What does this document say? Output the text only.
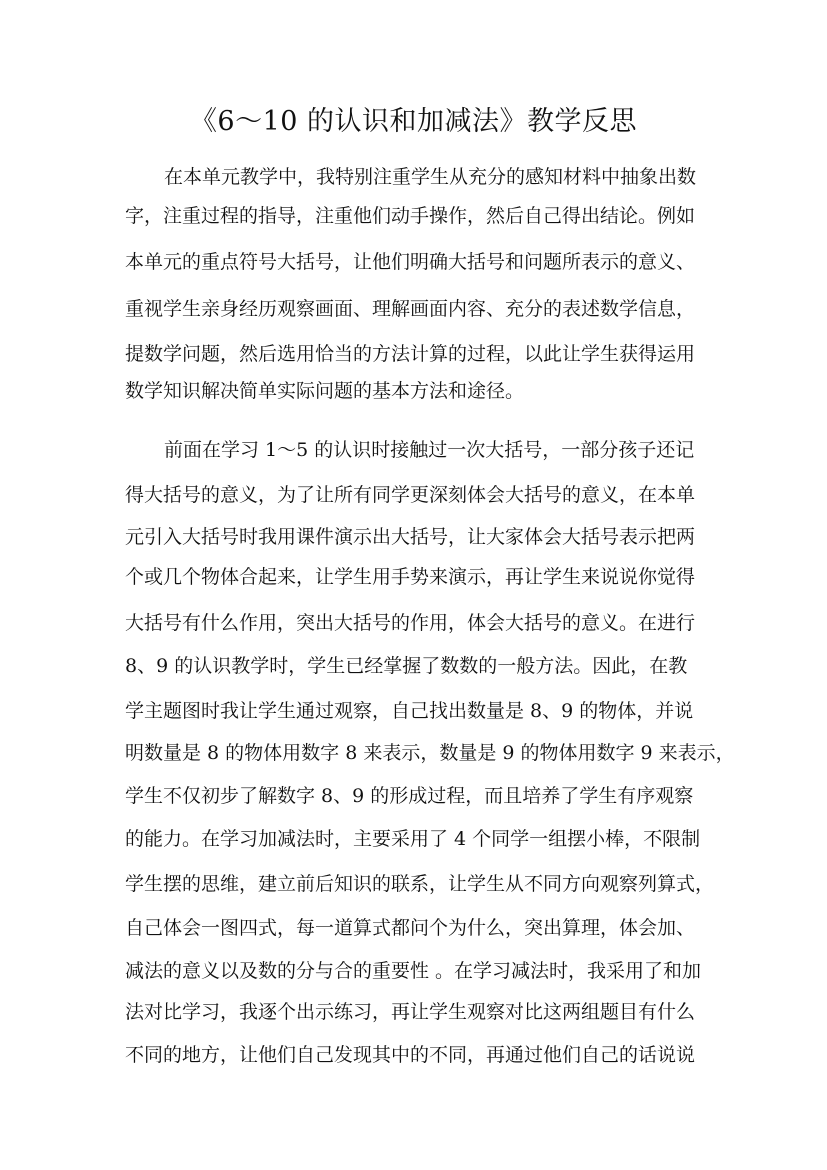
《6～10 的认识和加减法》教学反思
在本单元教学中，我特别注重学生从充分的感知材料中抽象出数
字，注重过程的指导，注重他们动手操作，然后自己得出结论。例如
本单元的重点符号大括号，让他们明确大括号和问题所表示的意义、
重视学生亲身经历观察画面、理解画面内容、充分的表述数学信息，
提数学问题，然后选用恰当的方法计算的过程，以此让学生获得运用
数学知识解决简单实际问题的基本方法和途径。
前面在学习 1～5 的认识时接触过一次大括号，一部分孩子还记
得大括号的意义，为了让所有同学更深刻体会大括号的意义，在本单
元引入大括号时我用课件演示出大括号，让大家体会大括号表示把两
个或几个物体合起来，让学生用手势来演示，再让学生来说说你觉得
大括号有什么作用，突出大括号的作用，体会大括号的意义。在进行
8、9 的认识教学时，学生已经掌握了数数的一般方法。因此，在教
学主题图时我让学生通过观察，自己找出数量是 8、9 的物体，并说
明数量是 8 的物体用数字 8 来表示，数量是 9 的物体用数字 9 来表示，
学生不仅初步了解数字 8、9 的形成过程，而且培养了学生有序观察
的能力。在学习加减法时，主要采用了 4 个同学一组摆小棒，不限制
学生摆的思维，建立前后知识的联系，让学生从不同方向观察列算式，
自己体会一图四式，每一道算式都问个为什么，突出算理，体会加、
减法的意义以及数的分与合的重要性 。在学习减法时，我采用了和加
法对比学习，我逐个出示练习，再让学生观察对比这两组题目有什么
不同的地方，让他们自己发现其中的不同，再通过他们自己的话说说
